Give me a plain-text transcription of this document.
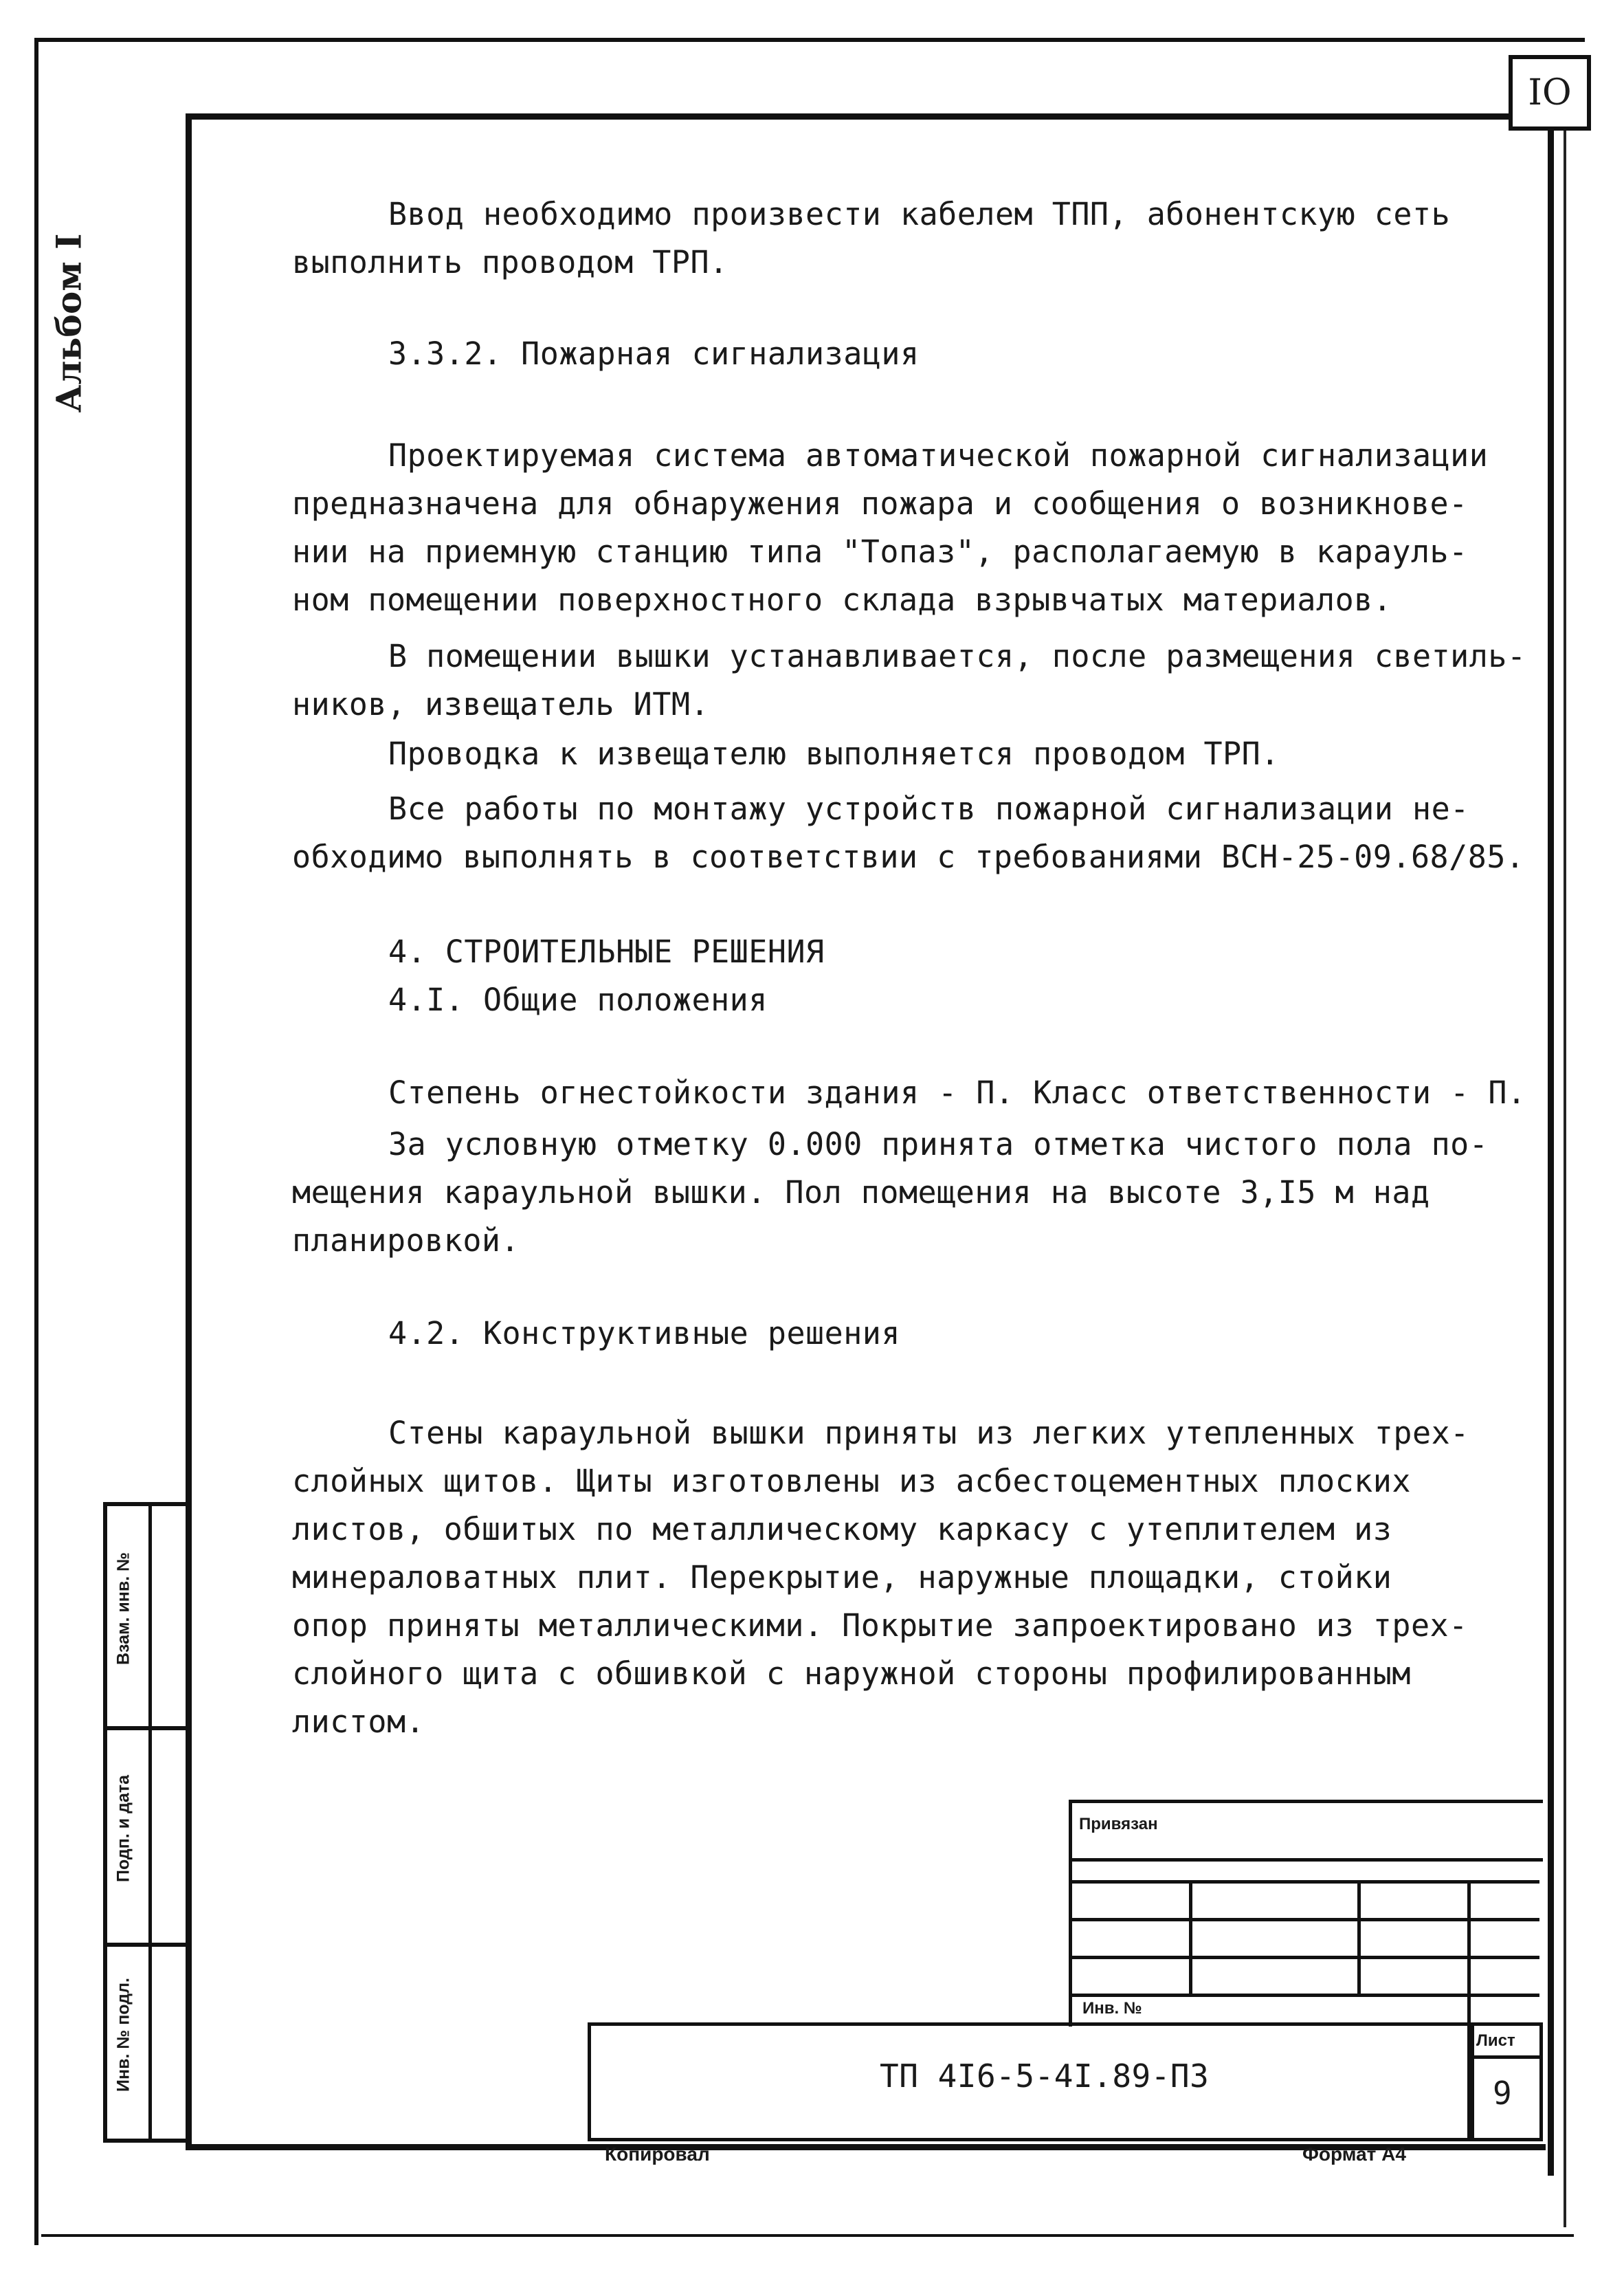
IO
Альбом I
Ввод необходимо произвести кабелем ТПП, абонентскую сеть
выполнить проводом ТРП.
3.3.2. Пожарная сигнализация
Проектируемая система автоматической пожарной сигнализации
предназначена для обнаружения пожара и сообщения о возникнове-
нии на приемную станцию типа "Топаз", располагаемую в карауль-
ном помещении поверхностного склада взрывчатых материалов.
В помещении вышки устанавливается, после размещения светиль-
ников, извещатель ИТМ.
Проводка к извещателю выполняется проводом ТРП.
Все работы по монтажу устройств пожарной сигнализации не-
обходимо выполнять в соответствии с требованиями ВСН-25-09.68/85.
4. СТРОИТЕЛЬНЫЕ РЕШЕНИЯ
4.I. Общие положения
Степень огнестойкости здания - П. Класс ответственности - П.
За условную отметку 0.000 принята отметка чистого пола по-
мещения караульной вышки. Пол помещения на высоте 3,I5 м над
планировкой.
4.2. Конструктивные решения
Стены караульной вышки приняты из легких утепленных трех-
слойных щитов. Щиты изготовлены из асбестоцементных плоских
листов, обшитых по металлическому каркасу с утеплителем из
минераловатных плит. Перекрытие, наружные площадки, стойки
опор приняты металлическими. Покрытие запроектировано из трех-
слойного щита с обшивкой с наружной стороны профилированным
листом.
Взам. инв. №
Подп. и дата
Инв. № подл.
Привязан
Инв. №
ТП 4I6-5-4I.89-ПЗ
Лист
9
Копировал	Формат А4
